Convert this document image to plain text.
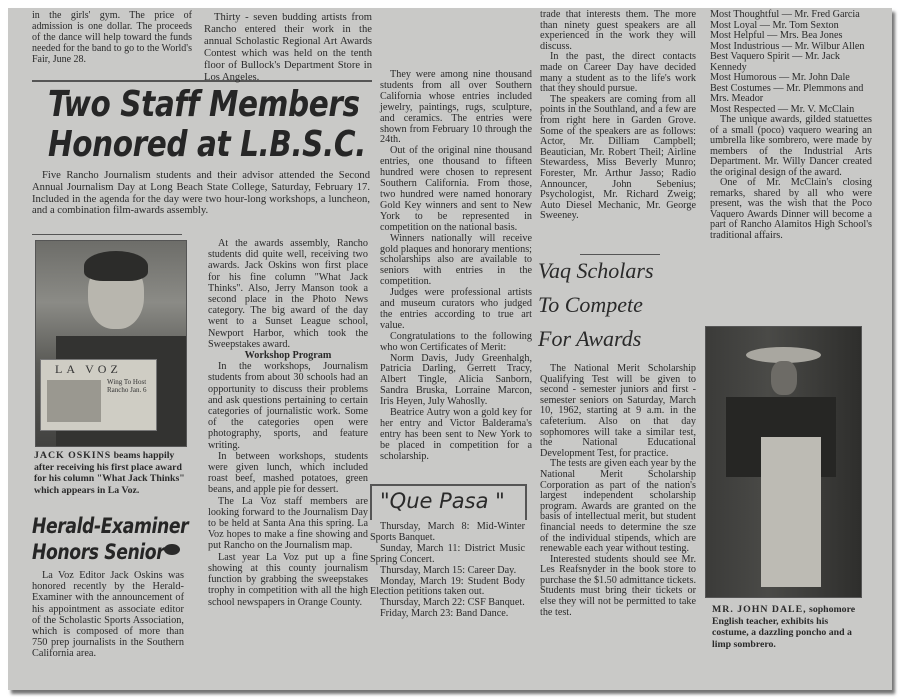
in the girls' gym. The price of admission is one dollar. The proceeds of the dance will help toward the funds needed for the band to go to the World's Fair, June 28.

Thirty - seven budding artists from Rancho entered their work in the annual Scholastic Regional Art Awards Contest which was held on the tenth floor of Bullock's Department Store in Los Angeles.

Two Staff Members
Honored at L.B.S.C.

Five Rancho Journalism students and their advisor attended the Second Annual Journalism Day at Long Beach State College, Saturday, February 17. Included in the agenda for the day were two hour-long workshops, a luncheon, and a combination film-awards assembly.

LA VOZ
Wing To Host Rancho Jan. 6
JACK OSKINS beams happily after receiving his first place award for his column "What Jack Thinks" which appears in La Voz.
Herald-Examiner
Honors Senior

La Voz Editor Jack Oskins was honored recently by the Herald-Examiner with the announcement of his appointment as associate editor of the Scholastic Sports Association, which is composed of more than 750 prep journalists in the Southern California area.

At the awards assembly, Rancho students did quite well, receiving two awards. Jack Oskins won first place for his fine column "What Jack Thinks". Also, Jerry Manson took a second place in the Photo News category. The big award of the day went to a Sunset League school, Newport Harbor, which took the Sweepstakes award.

Workshop Program

In the workshops, Journalism students from about 30 schools had an opportunity to discuss their problems and ask questions pertaining to certain categories of journalistic work. Some of the categories open were photography, sports, and feature writing.

In between workshops, students were given lunch, which included roast beef, mashed potatoes, green beans, and apple pie for dessert.

The La Voz staff members are looking forward to the Journalism Day to be held at Santa Ana this spring. La Voz hopes to make a fine showing and put Rancho on the Journalism map.

Last year La Voz put up a fine showing at this county journalism function by grabbing the sweepstakes trophy in competition with all the high school newspapers in Orange County.

They were among nine thousand students from all over Southern California whose entries included jewelry, paintings, rugs, sculpture, and ceramics. The entries were shown from February 10 through the 24th.

Out of the original nine thousand entries, one thousand to fifteen hundred were chosen to represent Southern California. From those, two hundred were named honorary Gold Key winners and sent to New York to be represented in competition on the national basis.

Winners nationally will receive gold plaques and honorary mentions; scholarships also are available to seniors with entries in the competition.

Judges were professional artists and museum curators who judged the entries according to true art value.

Congratulations to the following who won Certificates of Merit:

Norm Davis, Judy Greenhalgh, Patricia Darling, Gerrett Tracy, Albert Tingle, Alicia Sanborn, Sandra Bruska, Lorraine Marcon, Iris Heyen, July Wahoslly.

Beatrice Autry won a gold key for her entry and Victor Balderama's entry has been sent to New York to be placed in competition for a scholarship.

"Que Pasa "

Thursday, March 8: Mid-Winter Sports Banquet.

Sunday, March 11: District Music Spring Concert.

Thursday, March 15: Career Day.

Monday, March 19: Student Body Election petitions taken out.

Thursday, March 22: CSF Banquet.

Friday, March 23: Band Dance.

trade that interests them. The more than ninety guest speakers are all experienced in the work they will discuss.

In the past, the direct contacts made on Career Day have decided many a student as to the life's work that they should pursue.

The speakers are coming from all points in the Southland, and a few are from right here in Garden Grove. Some of the speakers are as follows: Actor, Mr. Dilliam Campbell; Beautician, Mr. Robert Theil; Airline Stewardess, Miss Beverly Munro; Forester, Mr. Arthur Jasso; Radio Announcer, John Sebenius; Psychologist, Mr. Richard Zweig; Auto Diesel Mechanic, Mr. George Sweeney.

Vaq Scholars
To Compete
For Awards

The National Merit Scholarship Qualifying Test will be given to second - semester juniors and first - semester seniors on Saturday, March 10, 1962, starting at 9 a.m. in the cafeterium. Also on that day sophomores will take a similar test, the National Educational Development Test, for practice.

The tests are given each year by the National Merit Scholarship Corporation as part of the nation's largest independent scholarship program. Awards are granted on the basis of intellectual merit, but student financial needs to determine the sze of the individual stipends, which are renewable each year without testing.

Interested students should see Mr. Les Reafsnyder in the book store to purchase the $1.50 admittance tickets. Students must bring their tickets or else they will not be permitted to take the test.

Most Thoughtful — Mr. Fred Garcia

Most Loyal — Mr. Tom Sexton

Most Helpful — Mrs. Bea Jones

Most Industrious — Mr. Wilbur Allen

Best Vaquero Spirit — Mr. Jack Kennedy

Most Humorous — Mr. John Dale

Best Costumes — Mr. Plemmons and Mrs. Meador

Most Respected — Mr. V. McClain

The unique awards, gilded statuettes of a small (poco) vaquero wearing an umbrella like sombrero, were made by members of the Industrial Arts Department. Mr. Willy Dancer created the original design of the award.

One of Mr. McClain's closing remarks, shared by all who were present, was the wish that the Poco Vaquero Awards Dinner will become a part of Rancho Alamitos High School's traditional affairs.

MR. JOHN DALE, sophomore English teacher, exhibits his costume, a dazzling poncho and a limp sombrero.
